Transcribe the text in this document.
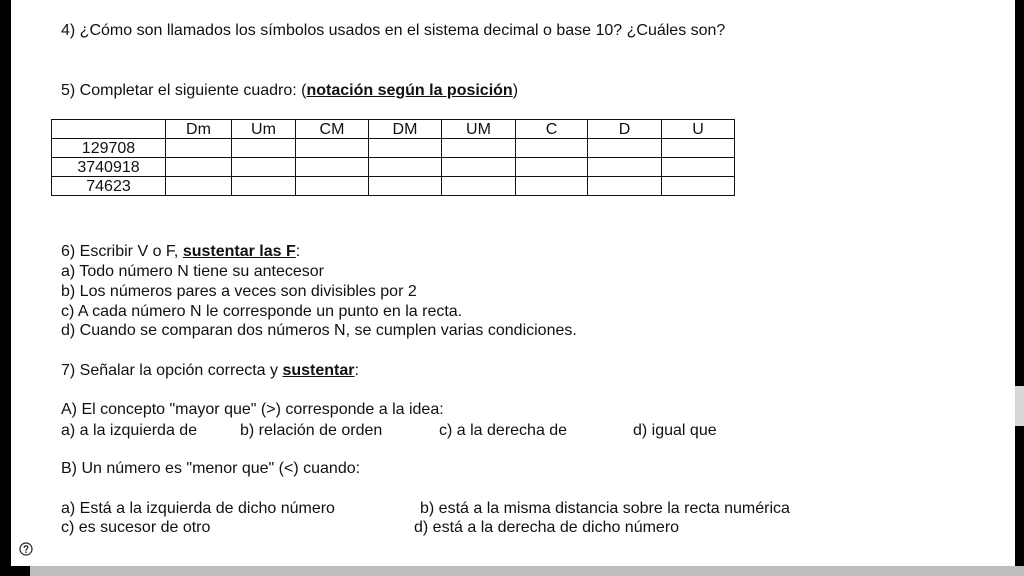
4) ¿Cómo son llamados los símbolos usados en el sistema decimal o base 10? ¿Cuáles son?
5) Completar el siguiente cuadro: (notación según la posición)
	Dm	Um	CM	DM	UM	C	D	U
129708								
3740918								
74623								
6) Escribir V o F, sustentar las F:
a) Todo número N tiene su antecesor
b) Los números pares a veces son divisibles por 2
c) A cada número N le corresponde un punto en la recta.
d) Cuando se comparan dos números N, se cumplen varias condiciones.
7) Señalar la opción correcta y sustentar:
A) El concepto "mayor que" (>) corresponde a la idea:
a) a la izquierda de	b) relación de orden	c) a la derecha de	d) igual que
B) Un número es "menor que" (<) cuando:
a) Está a la izquierda de dicho número	b) está a la misma distancia sobre la recta numérica
c) es sucesor de otro	d) está a la derecha de dicho número
